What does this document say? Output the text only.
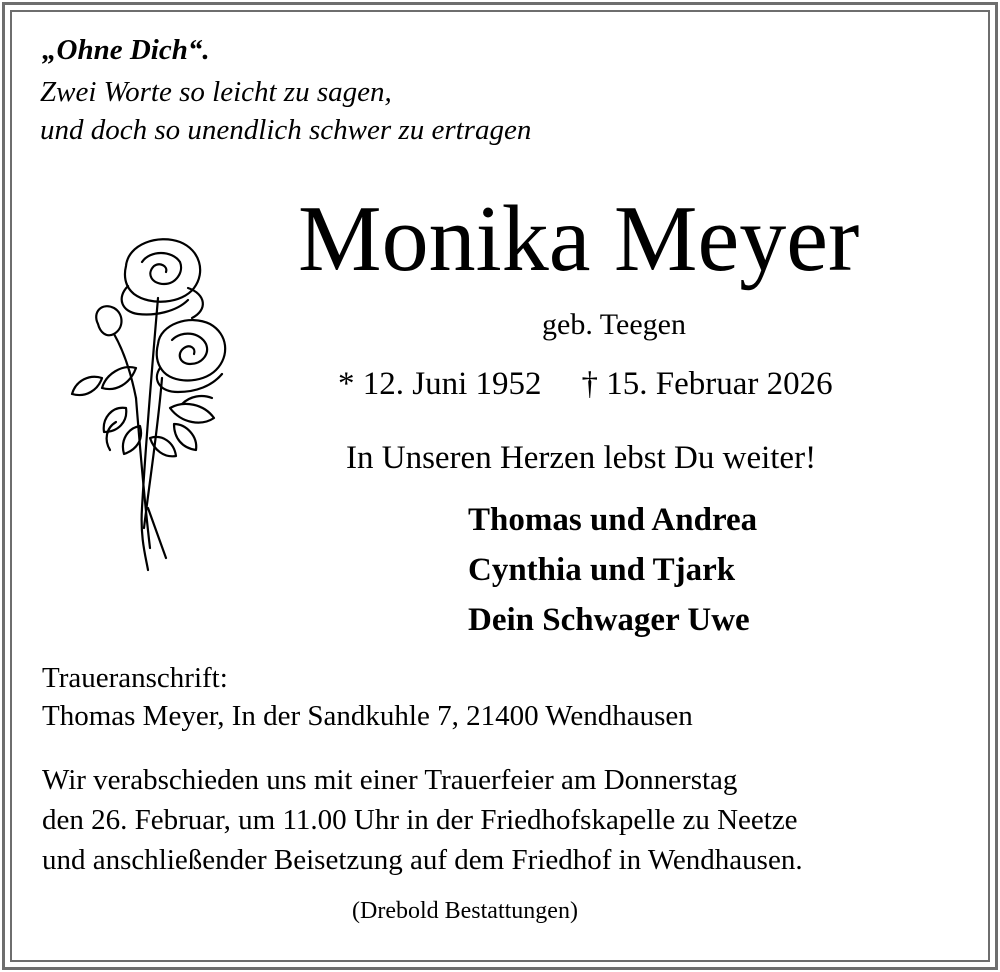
„Ohne Dich“.
Zwei Worte so leicht zu sagen,
und doch so unendlich schwer zu ertragen
Monika Meyer
geb. Teegen
* 12. Juni 1952 † 15. Februar 2026
In Unseren Herzen lebst Du weiter!
Thomas und Andrea
Cynthia und Tjark
Dein Schwager Uwe
Traueranschrift:
Thomas Meyer, In der Sandkuhle 7, 21400 Wendhausen
Wir verabschieden uns mit einer Trauerfeier am Donnerstag
den 26. Februar, um 11.00 Uhr in der Friedhofskapelle zu Neetze
und anschließender Beisetzung auf dem Friedhof in Wendhausen.
(Drebold Bestattungen)
